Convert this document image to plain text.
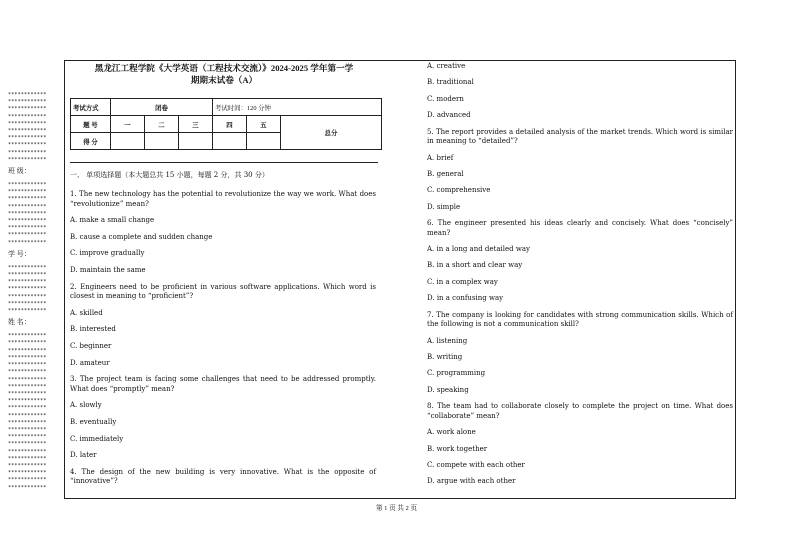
************
************
************
************
************
************
************
************
************
************
班 级：
************
************
************
************
************
************
************
************
************
学 号：
************
************
************
************
************
************
************
姓 名：
************
************
************
************
************
************
************
************
************
************
************
************
************
************
************
************
************
************
************
************
************
************
黑龙江工程学院《大学英语（工程技术交流）》2024-2025 学年第一学
期期末试卷（A）
考试方式	闭卷			考试时间：120 分钟		
题 号	一	二	三	四	五	总分
得 分						
一、 单项选择题（本大题总共 15 小题，每题 2 分，共 30 分）
1. The new technology has the potential to revolutionize the way we work. What does “revolutionize” mean?
A. make a small change
B. cause a complete and sudden change
C. improve gradually
D. maintain the same
2. Engineers need to be proficient in various software applications. Which word is closest in meaning to “proficient”?
A. skilled
B. interested
C. beginner
D. amateur
3. The project team is facing some challenges that need to be addressed promptly. What does “promptly” mean?
A. slowly
B. eventually
C. immediately
D. later
4. The design of the new building is very innovative. What is the opposite of “innovative”?
A. creative
B. traditional
C. modern
D. advanced
5. The report provides a detailed analysis of the market trends. Which word is similar in meaning to “detailed”?
A. brief
B. general
C. comprehensive
D. simple
6. The engineer presented his ideas clearly and concisely. What does “concisely” mean?
A. in a long and detailed way
B. in a short and clear way
C. in a complex way
D. in a confusing way
7. The company is looking for candidates with strong communication skills. Which of the following is not a communication skill?
A. listening
B. writing
C. programming
D. speaking
8. The team had to collaborate closely to complete the project on time. What does “collaborate” mean?
A. work alone
B. work together
C. compete with each other
D. argue with each other
第 1 页 共 2 页
